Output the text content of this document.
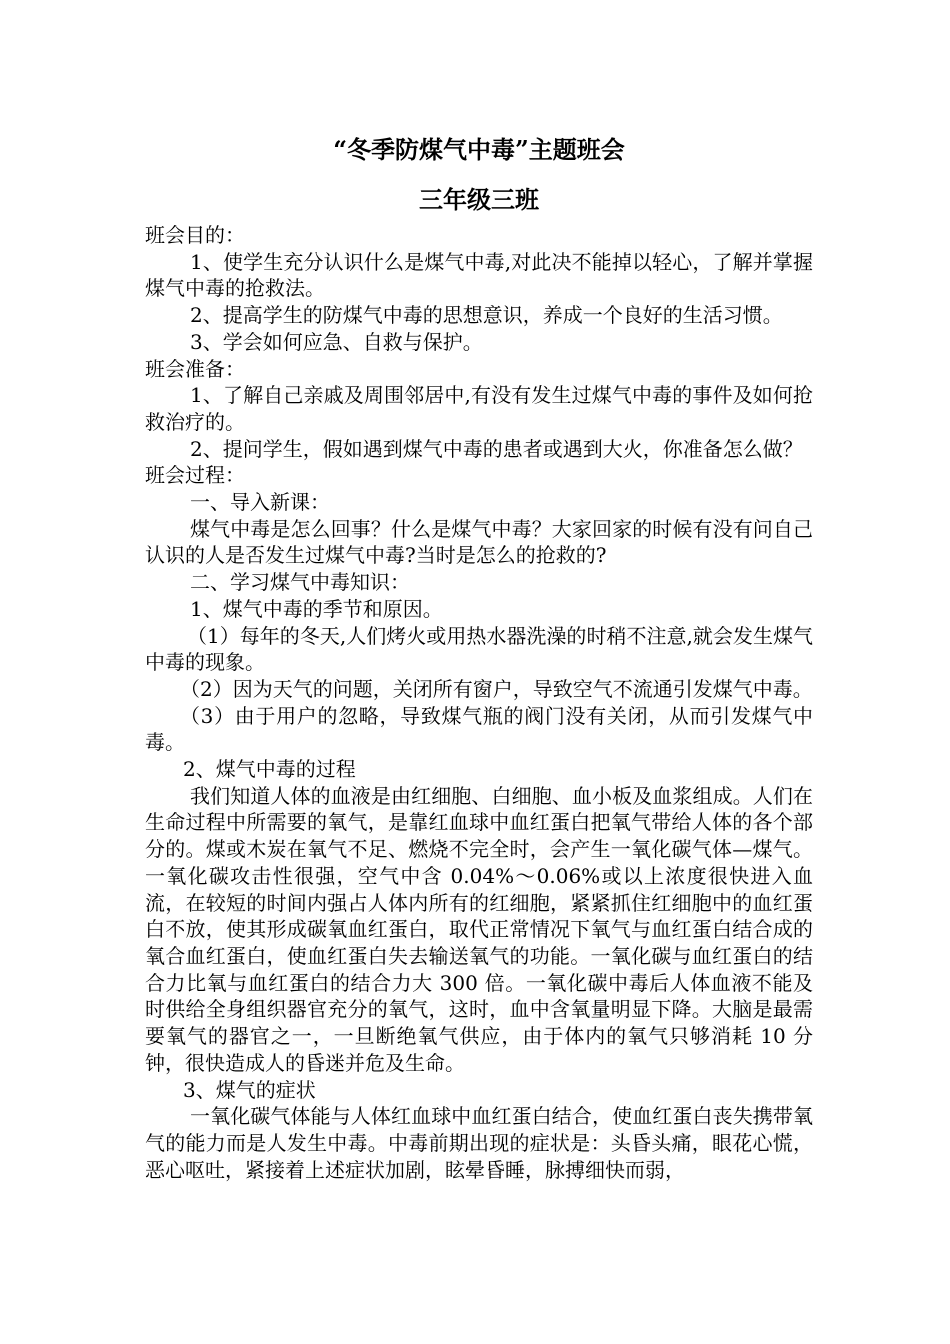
“冬季防煤气中毒”主题班会
三年级三班

班会目的：

1、使学生充分认识什么是煤气中毒,对此决不能掉以轻心，了解并掌握煤气中毒的抢救法。

2、提高学生的防煤气中毒的思想意识，养成一个良好的生活习惯。

3、学会如何应急、自救与保护。

班会准备：

1、了解自己亲戚及周围邻居中,有没有发生过煤气中毒的事件及如何抢救治疗的。

2、提问学生，假如遇到煤气中毒的患者或遇到大火，你准备怎么做？

班会过程：

一、导入新课：

煤气中毒是怎么回事？什么是煤气中毒？大家回家的时候有没有问自己认识的人是否发生过煤气中毒?当时是怎么的抢救的?

二、学习煤气中毒知识：

1、煤气中毒的季节和原因。

（1）每年的冬天,人们烤火或用热水器洗澡的时稍不注意,就会发生煤气中毒的现象。

（2）因为天气的问题，关闭所有窗户，导致空气不流通引发煤气中毒。

（3）由于用户的忽略，导致煤气瓶的阀门没有关闭，从而引发煤气中毒。

2、煤气中毒的过程

我们知道人体的血液是由红细胞、白细胞、血小板及血浆组成。人们在生命过程中所需要的氧气，是靠红血球中血红蛋白把氧气带给人体的各个部分的。煤或木炭在氧气不足、燃烧不完全时，会产生一氧化碳气体—煤气。一氧化碳攻击性很强，空气中含 0.04%～0.06%或以上浓度很快进入血流，在较短的时间内强占人体内所有的红细胞，紧紧抓住红细胞中的血红蛋白不放，使其形成碳氧血红蛋白，取代正常情况下氧气与血红蛋白结合成的氧合血红蛋白，使血红蛋白失去输送氧气的功能。一氧化碳与血红蛋白的结合力比氧与血红蛋白的结合力大 300 倍。一氧化碳中毒后人体血液不能及时供给全身组织器官充分的氧气，这时，血中含氧量明显下降。大脑是最需要氧气的器官之一，一旦断绝氧气供应，由于体内的氧气只够消耗 10 分钟，很快造成人的昏迷并危及生命。

3、煤气的症状

一氧化碳气体能与人体红血球中血红蛋白结合，使血红蛋白丧失携带氧气的能力而是人发生中毒。中毒前期出现的症状是：头昏头痛，眼花心慌，恶心呕吐，紧接着上述症状加剧，眩晕昏睡，脉搏细快而弱，
